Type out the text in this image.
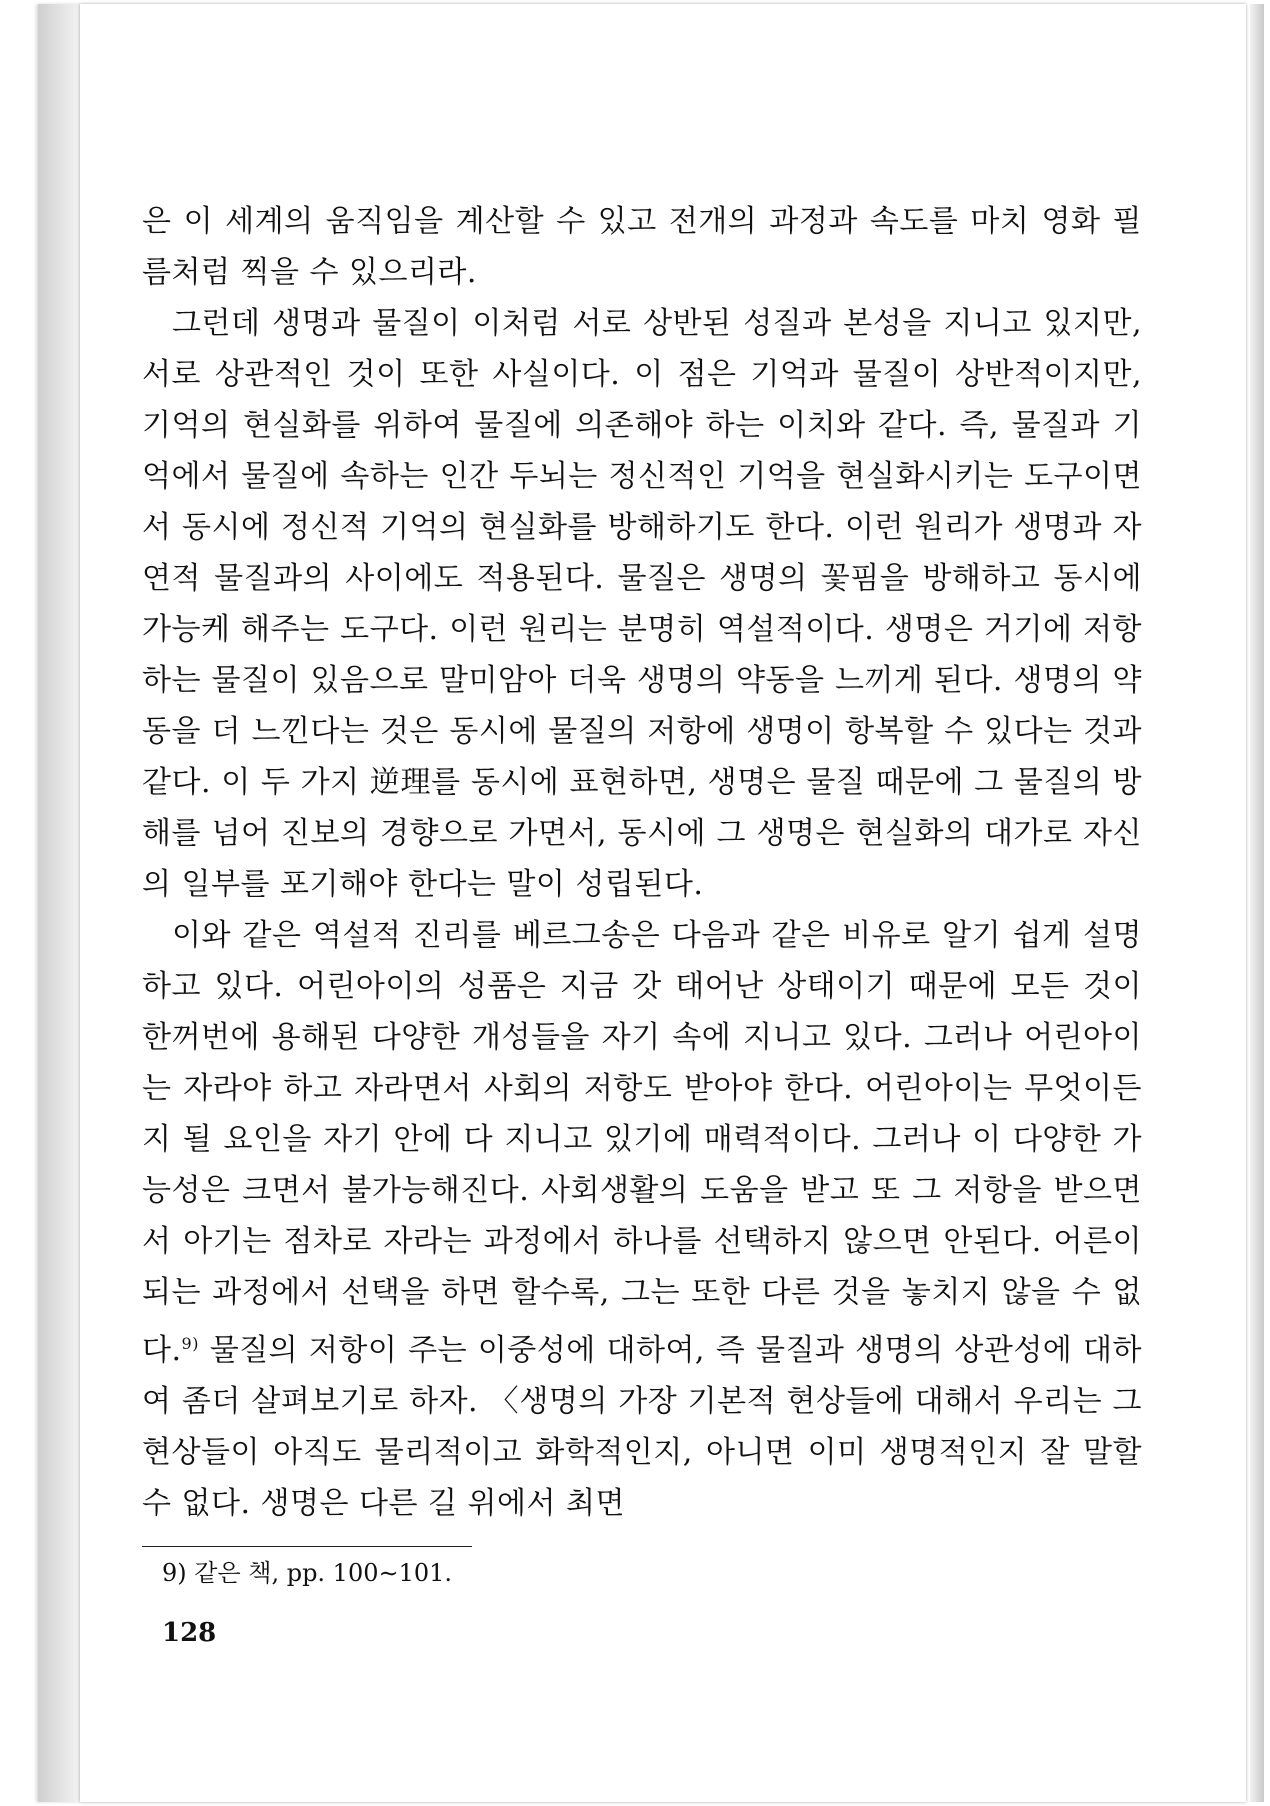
은 이 세계의 움직임을 계산할 수 있고 전개의 과정과 속도를 마치 영화 필름처럼 찍을 수 있으리라.

그런데 생명과 물질이 이처럼 서로 상반된 성질과 본성을 지니고 있지만, 서로 상관적인 것이 또한 사실이다. 이 점은 기억과 물질이 상반적이지만, 기억의 현실화를 위하여 물질에 의존해야 하는 이치와 같다. 즉, 물질과 기억에서 물질에 속하는 인간 두뇌는 정신적인 기억을 현실화시키는 도구이면서 동시에 정신적 기억의 현실화를 방해하기도 한다. 이런 원리가 생명과 자연적 물질과의 사이에도 적용된다. 물질은 생명의 꽃핌을 방해하고 동시에 가능케 해주는 도구다. 이런 원리는 분명히 역설적이다. 생명은 거기에 저항하는 물질이 있음으로 말미암아 더욱 생명의 약동을 느끼게 된다. 생명의 약동을 더 느낀다는 것은 동시에 물질의 저항에 생명이 항복할 수 있다는 것과 같다. 이 두 가지 逆理를 동시에 표현하면, 생명은 물질 때문에 그 물질의 방해를 넘어 진보의 경향으로 가면서, 동시에 그 생명은 현실화의 대가로 자신의 일부를 포기해야 한다는 말이 성립된다.

이와 같은 역설적 진리를 베르그송은 다음과 같은 비유로 알기 쉽게 설명하고 있다. 어린아이의 성품은 지금 갓 태어난 상태이기 때문에 모든 것이 한꺼번에 용해된 다양한 개성들을 자기 속에 지니고 있다. 그러나 어린아이는 자라야 하고 자라면서 사회의 저항도 받아야 한다. 어린아이는 무엇이든지 될 요인을 자기 안에 다 지니고 있기에 매력적이다. 그러나 이 다양한 가능성은 크면서 불가능해진다. 사회생활의 도움을 받고 또 그 저항을 받으면서 아기는 점차로 자라는 과정에서 하나를 선택하지 않으면 안된다. 어른이 되는 과정에서 선택을 하면 할수록, 그는 또한 다른 것을 놓치지 않을 수 없다.$^{9)}$ 물질의 저항이 주는 이중성에 대하여, 즉 물질과 생명의 상관성에 대하여 좀더 살펴보기로 하자. 〈생명의 가장 기본적 현상들에 대해서 우리는 그 현상들이 아직도 물리적이고 화학적인지, 아니면 이미 생명적인지 잘 말할 수 없다. 생명은 다른 길 위에서 최면

9) 같은 책, pp. 100∼101.
128
